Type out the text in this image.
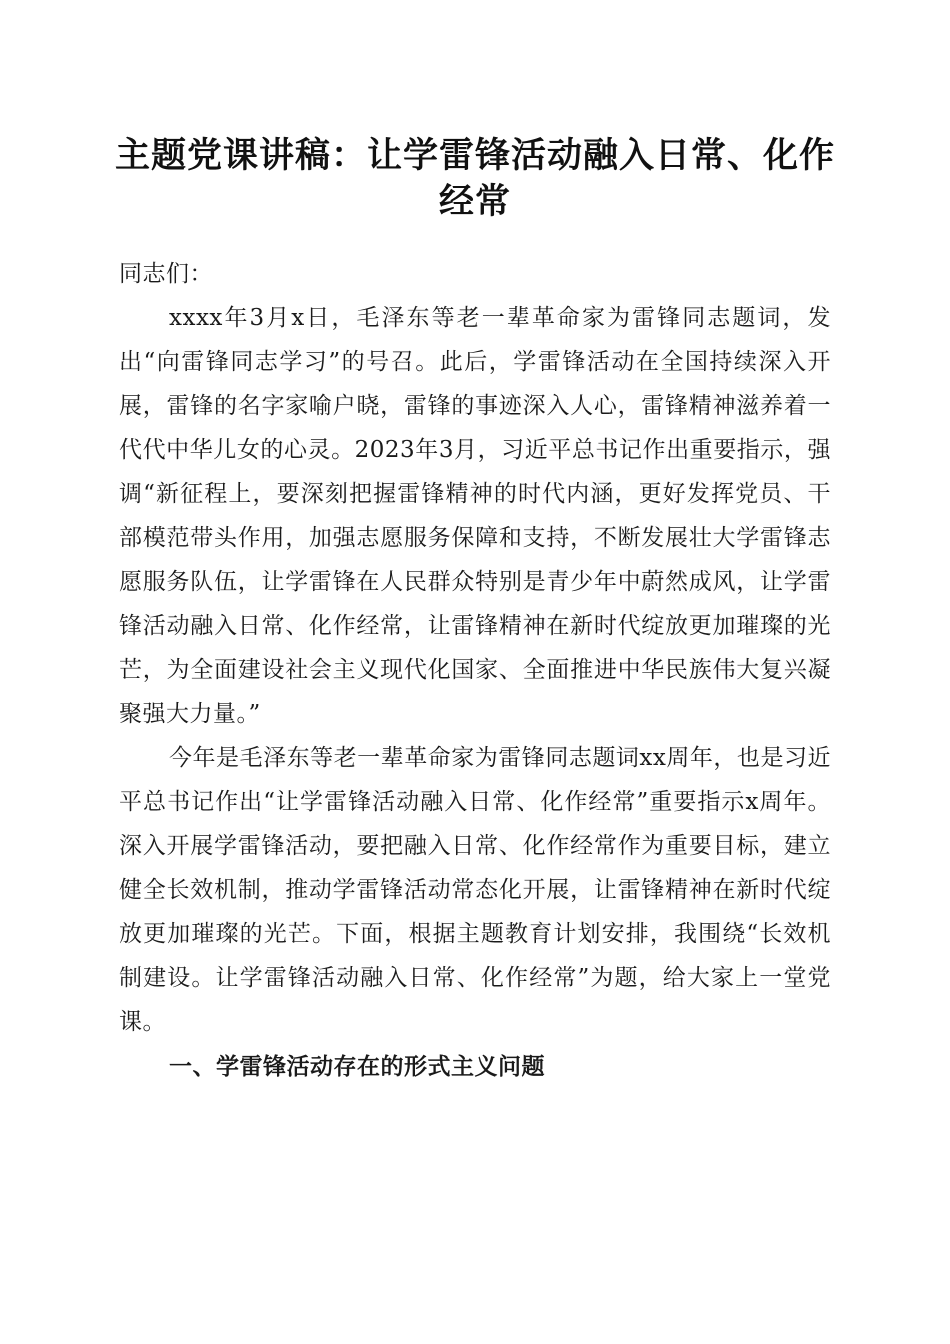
主题党课讲稿：让学雷锋活动融入日常、化作经常

同志们：

xxxx年3月x日，毛泽东等老一辈革命家为雷锋同志题词，发出“向雷锋同志学习”的号召。此后，学雷锋活动在全国持续深入开展，雷锋的名字家喻户晓，雷锋的事迹深入人心，雷锋精神滋养着一代代中华儿女的心灵。2023年3月，习近平总书记作出重要指示，强调“新征程上，要深刻把握雷锋精神的时代内涵，更好发挥党员、干部模范带头作用，加强志愿服务保障和支持，不断发展壮大学雷锋志愿服务队伍，让学雷锋在人民群众特别是青少年中蔚然成风，让学雷锋活动融入日常、化作经常，让雷锋精神在新时代绽放更加璀璨的光芒，为全面建设社会主义现代化国家、全面推进中华民族伟大复兴凝聚强大力量。”

今年是毛泽东等老一辈革命家为雷锋同志题词xx周年，也是习近平总书记作出“让学雷锋活动融入日常、化作经常”重要指示x周年。深入开展学雷锋活动，要把融入日常、化作经常作为重要目标，建立健全长效机制，推动学雷锋活动常态化开展，让雷锋精神在新时代绽放更加璀璨的光芒。下面，根据主题教育计划安排，我围绕“长效机制建设。让学雷锋活动融入日常、化作经常”为题，给大家上一堂党课。

一、学雷锋活动存在的形式主义问题
